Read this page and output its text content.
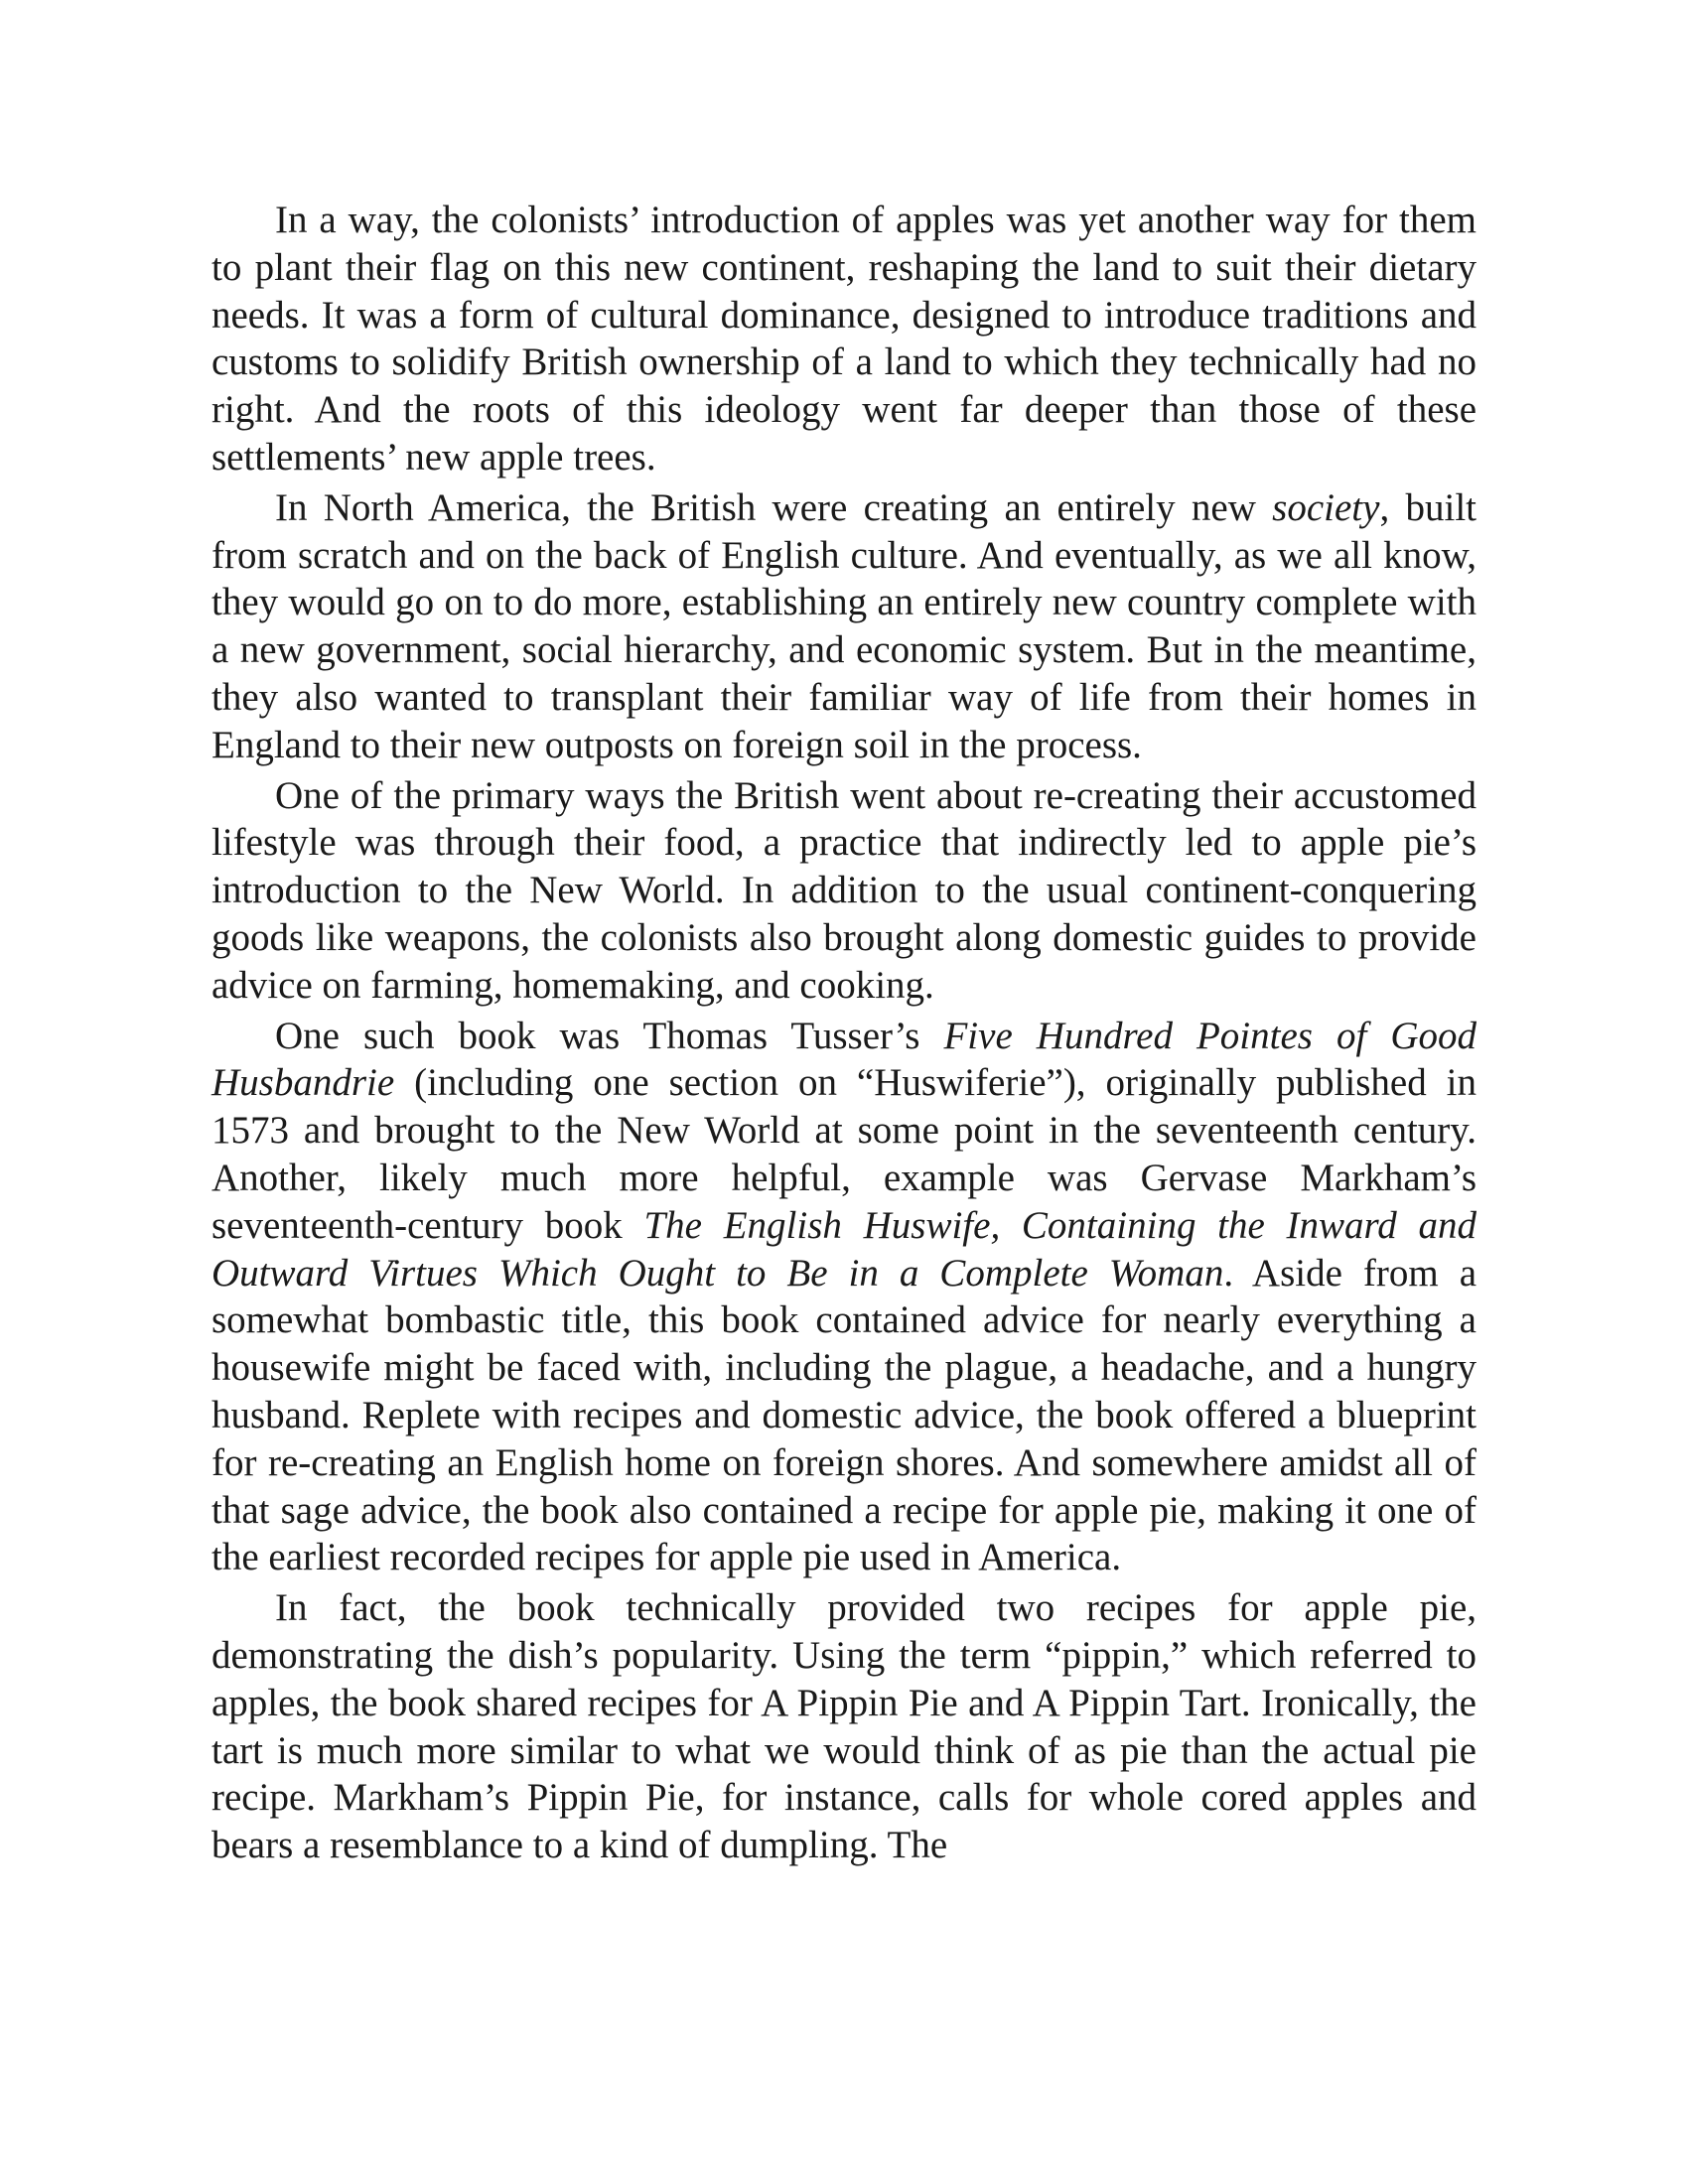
In a way, the colonists’ introduction of apples was yet another way for them to plant their flag on this new continent, reshaping the land to suit their dietary needs. It was a form of cultural dominance, designed to introduce traditions and customs to solidify British ownership of a land to which they technically had no right. And the roots of this ideology went far deeper than those of these settlements’ new apple trees.

In North America, the British were creating an entirely new society, built from scratch and on the back of English culture. And eventually, as we all know, they would go on to do more, establishing an entirely new country complete with a new government, social hierarchy, and economic system. But in the meantime, they also wanted to transplant their familiar way of life from their homes in England to their new outposts on foreign soil in the process.

One of the primary ways the British went about re-creating their accustomed lifestyle was through their food, a practice that indirectly led to apple pie’s introduction to the New World. In addition to the usual continent-conquering goods like weapons, the colonists also brought along domestic guides to provide advice on farming, homemaking, and cooking.

One such book was Thomas Tusser’s Five Hundred Pointes of Good Husbandrie (including one section on “Huswiferie”), originally published in 1573 and brought to the New World at some point in the seventeenth century. Another, likely much more helpful, example was Gervase Markham’s seventeenth-century book The English Huswife, Containing the Inward and Outward Virtues Which Ought to Be in a Complete Woman. Aside from a somewhat bombastic title, this book contained advice for nearly everything a housewife might be faced with, including the plague, a headache, and a hungry husband. Replete with recipes and domestic advice, the book offered a blueprint for re-creating an English home on foreign shores. And somewhere amidst all of that sage advice, the book also contained a recipe for apple pie, making it one of the earliest recorded recipes for apple pie used in America.

In fact, the book technically provided two recipes for apple pie, demonstrating the dish’s popularity. Using the term “pippin,” which referred to apples, the book shared recipes for A Pippin Pie and A Pippin Tart. Ironically, the tart is much more similar to what we would think of as pie than the actual pie recipe. Markham’s Pippin Pie, for instance, calls for whole cored apples and bears a resemblance to a kind of dumpling. The
